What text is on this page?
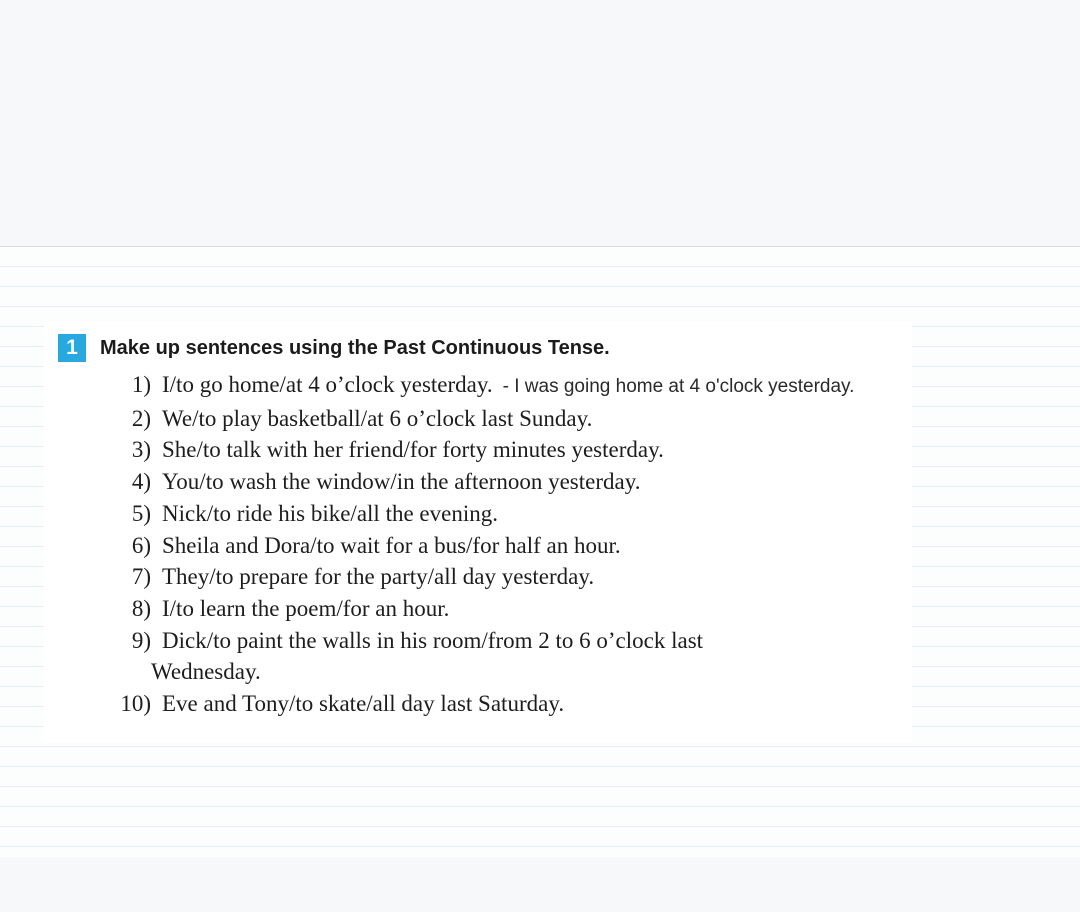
1	Make up sentences using the Past Continuous Tense.
1) I/to go home/at 4 o’clock yesterday. - I was going home at 4 o'clock yesterday.
2) We/to play basketball/at 6 o’clock last Sunday.
3) She/to talk with her friend/for forty minutes yesterday.
4) You/to wash the window/in the afternoon yesterday.
5) Nick/to ride his bike/all the evening.
6) Sheila and Dora/to wait for a bus/for half an hour.
7) They/to prepare for the party/all day yesterday.
8) I/to learn the poem/for an hour.
9) Dick/to paint the walls in his room/from 2 to 6 o’clock last
Wednesday.
10) Eve and Tony/to skate/all day last Saturday.
